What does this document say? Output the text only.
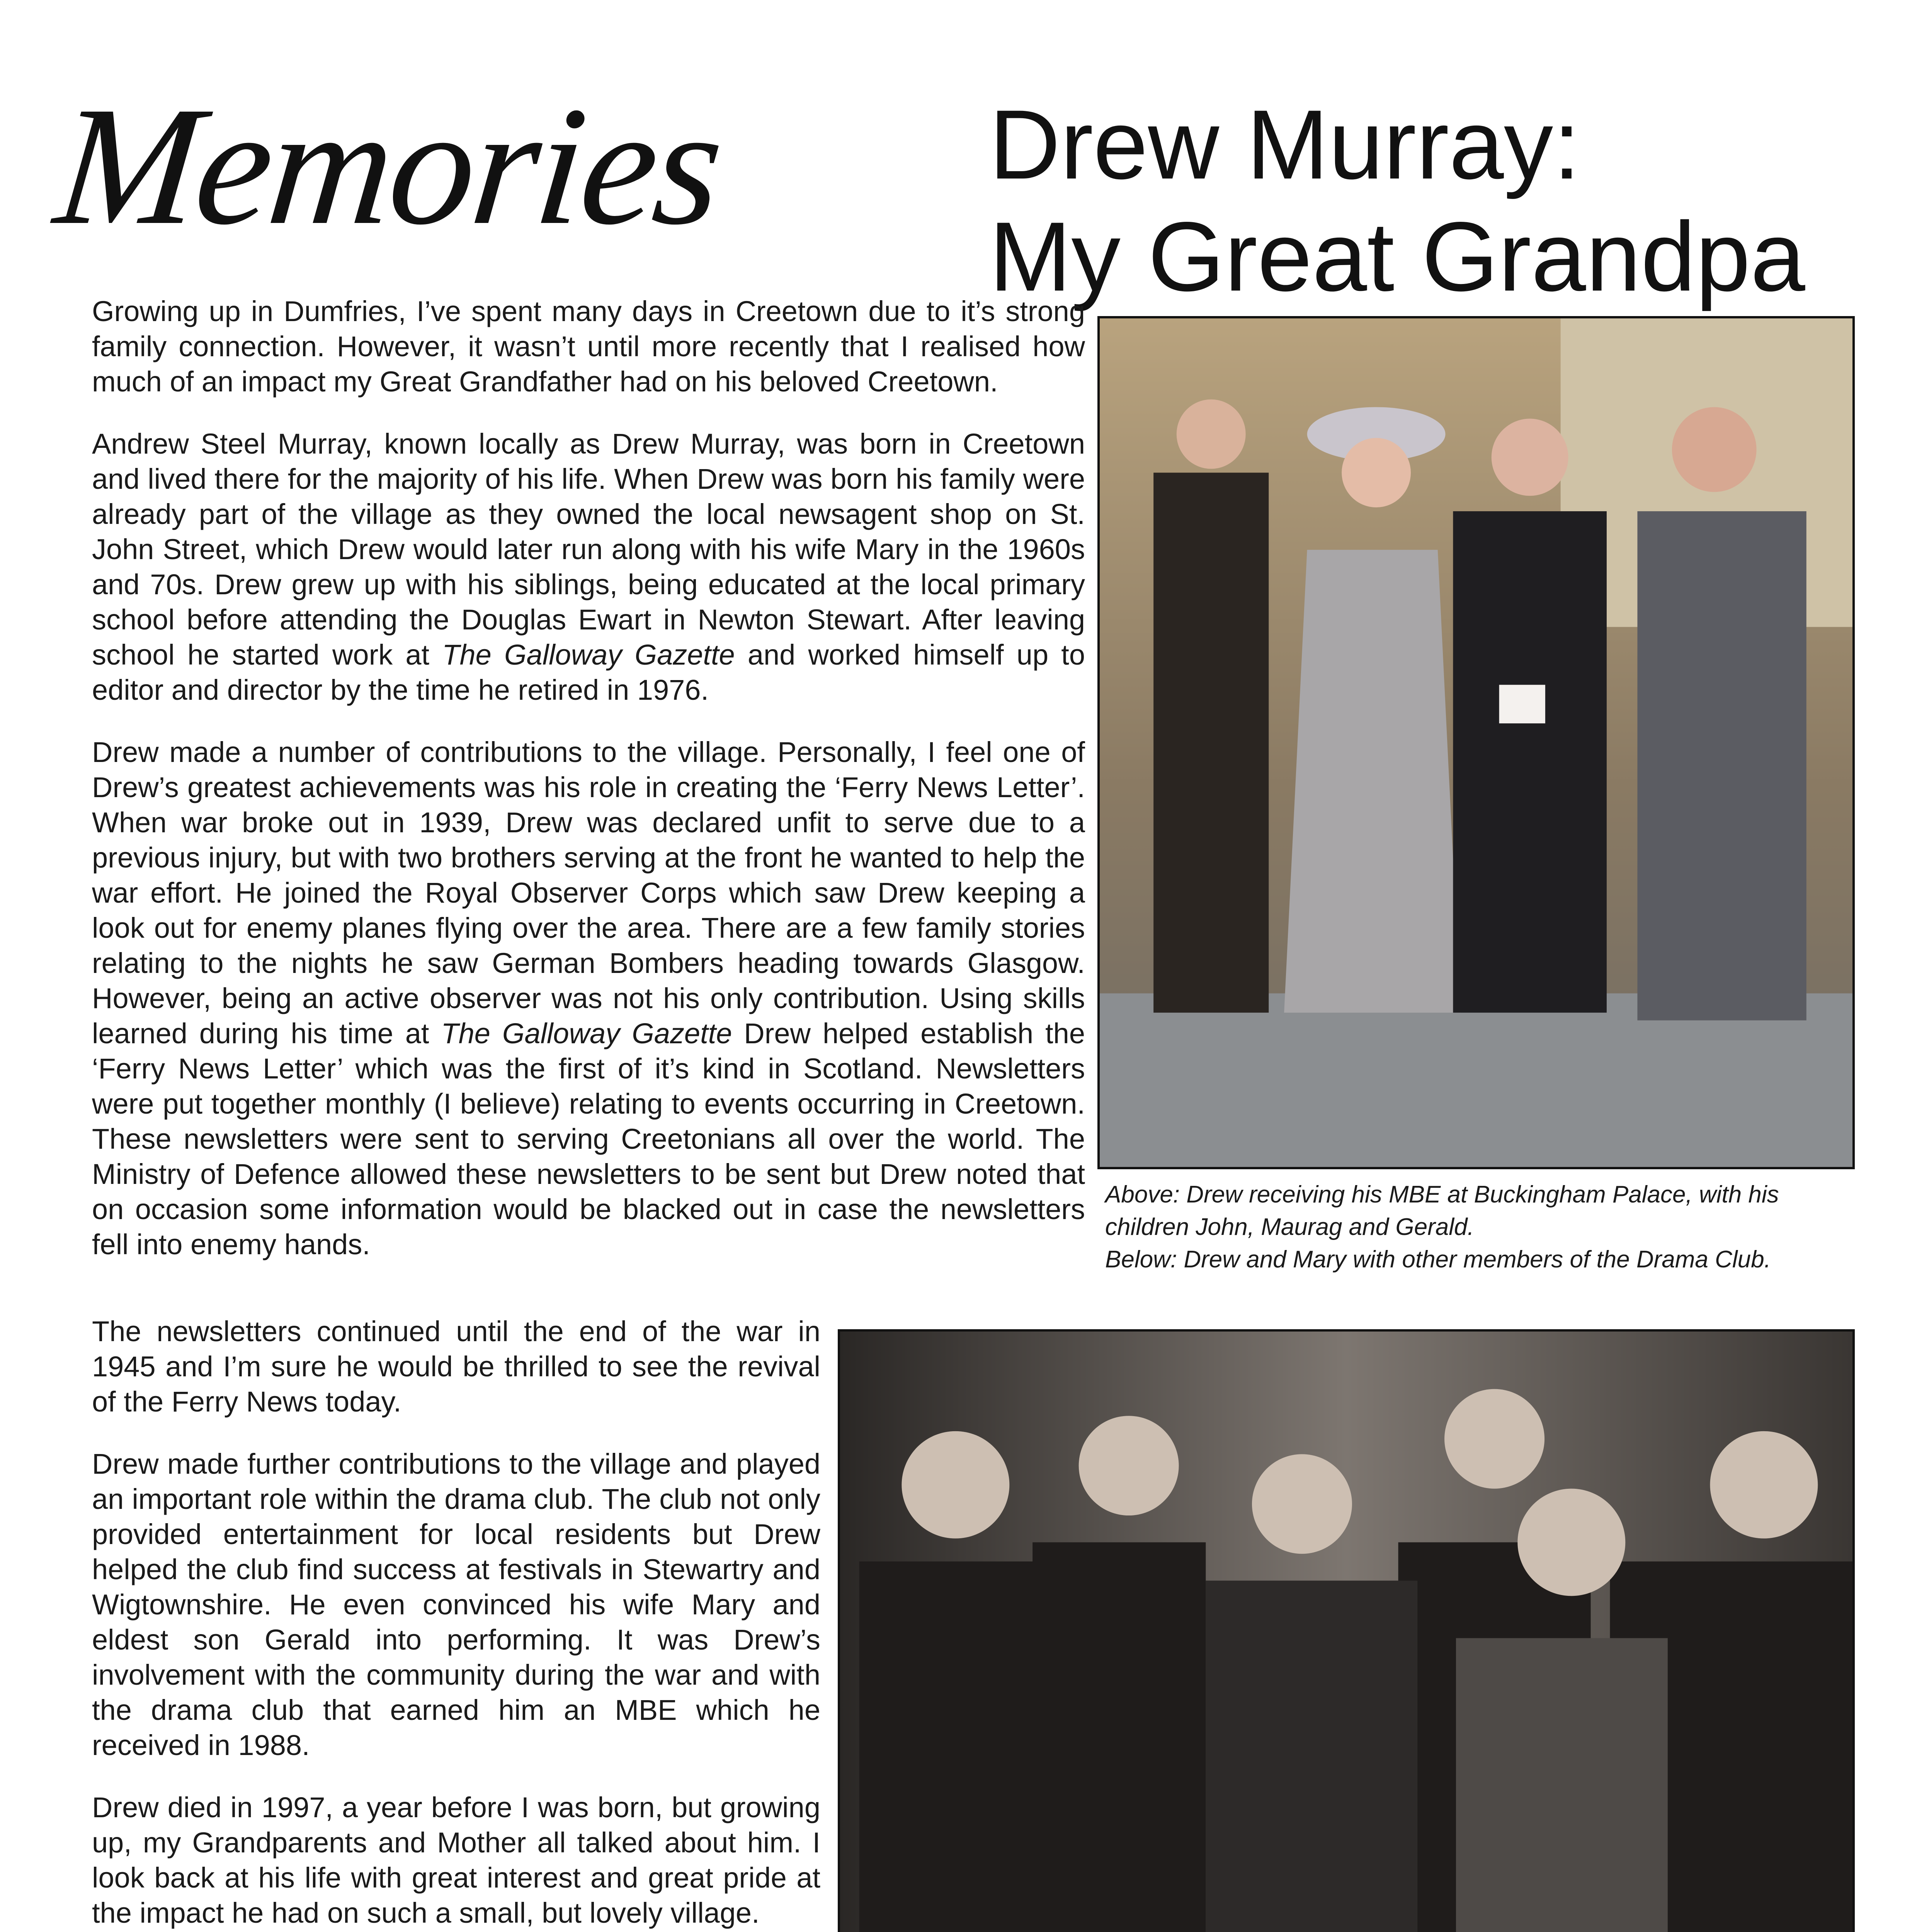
Memories	Drew Murray:
My Great Grandpa

Growing up in Dumfries, I’ve spent many days in Creetown due to it’s strong family connection. However, it wasn’t until more recently that I realised how much of an impact my Great Grandfather had on his beloved Creetown.

Andrew Steel Murray, known locally as Drew Murray, was born in Creetown and lived there for the majority of his life. When Drew was born his family were already part of the village as they owned the local newsagent shop on St. John Street, which Drew would later run along with his wife Mary in the 1960s and 70s. Drew grew up with his siblings, being educated at the local primary school before attending the Douglas Ewart in Newton Stewart. After leaving school he started work at The Galloway Gazette and worked himself up to editor and director by the time he retired in 1976.

Drew made a number of contributions to the village. Personally, I feel one of Drew’s greatest achievements was his role in creating the ‘Ferry News Letter’. When war broke out in 1939, Drew was declared unfit to serve due to a previous injury, but with two brothers serving at the front he wanted to help the war effort. He joined the Royal Observer Corps which saw Drew keeping a look out for enemy planes flying over the area. There are a few family stories relating to the nights he saw German Bombers heading towards Glasgow. However, being an active observer was not his only contribution. Using skills learned during his time at The Galloway Gazette Drew helped establish the ‘Ferry News Letter’ which was the first of it’s kind in Scotland. Newsletters were put together monthly (I believe) relating to events occurring in Creetown. These newsletters were sent to serving Creetonians all over the world. The Ministry of Defence allowed these newsletters to be sent but Drew noted that on occasion some information would be blacked out in case the newsletters fell into enemy hands.

The newsletters continued until the end of the war in 1945 and I’m sure he would be thrilled to see the revival of the Ferry News today.

Drew made further contributions to the village and played an important role within the drama club. The club not only provided entertainment for local residents but Drew helped the club find success at festivals in Stewartry and Wigtownshire. He even convinced his wife Mary and eldest son Gerald into performing. It was Drew’s involvement with the community during the war and with the drama club that earned him an MBE which he received in 1988.

Drew died in 1997, a year before I was born, but growing up, my Grandparents and Mother all talked about him. I look back at his life with great interest and great pride at the impact he had on such a small, but lovely village.

Above: Drew receiving his MBE at Buckingham Palace, with his children John, Maurag and Gerald.

Below: Drew and Mary with other members of the Drama Club.
